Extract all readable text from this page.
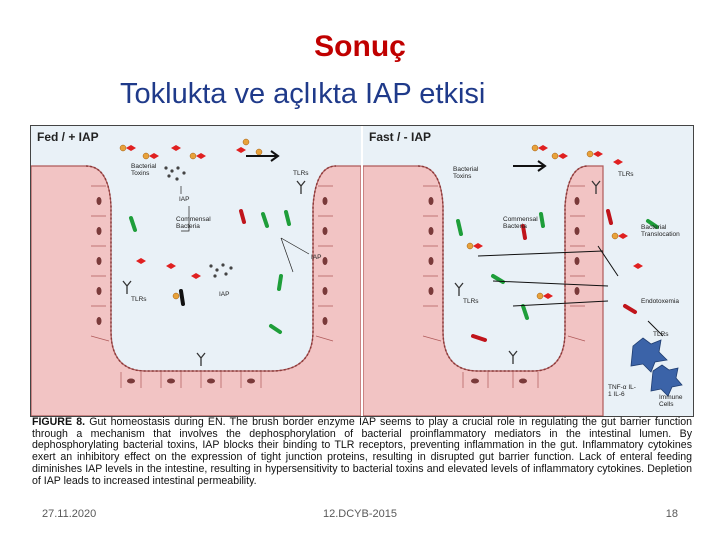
Sonuç
Toklukta ve açlıkta IAP etkisi
Fed / + IAP
Bacterial Toxins	TLRs
IAP
Commensal Bacteria
IAP
TLRs
IAP
Fast / - IAP
Bacterial Toxins	TLRs
Commensal Bacteria	Bacterial Translocation
TLRs	Endotoxemia
TLRs
TNF-α IL-1 IL-6	Immune Cells
FIGURE 8. Gut homeostasis during EN. The brush border enzyme IAP seems to play a crucial role in regulating the gut barrier function through a mechanism that involves the dephosphorylation of bacterial proinflammatory mediators in the intestinal lumen. By dephosphorylating bacterial toxins, IAP blocks their binding to TLR receptors, preventing inflammation in the gut. Inflammatory cytokines exert an inhibitory effect on the expression of tight junction proteins, resulting in disrupted gut barrier function. Lack of enteral feeding diminishes IAP levels in the intestine, resulting in hypersensitivity to bacterial toxins and elevated levels of inflammatory cytokines. Depletion of IAP leads to increased intestinal permeability.
27.11.2020	12.DCYB-2015	18
